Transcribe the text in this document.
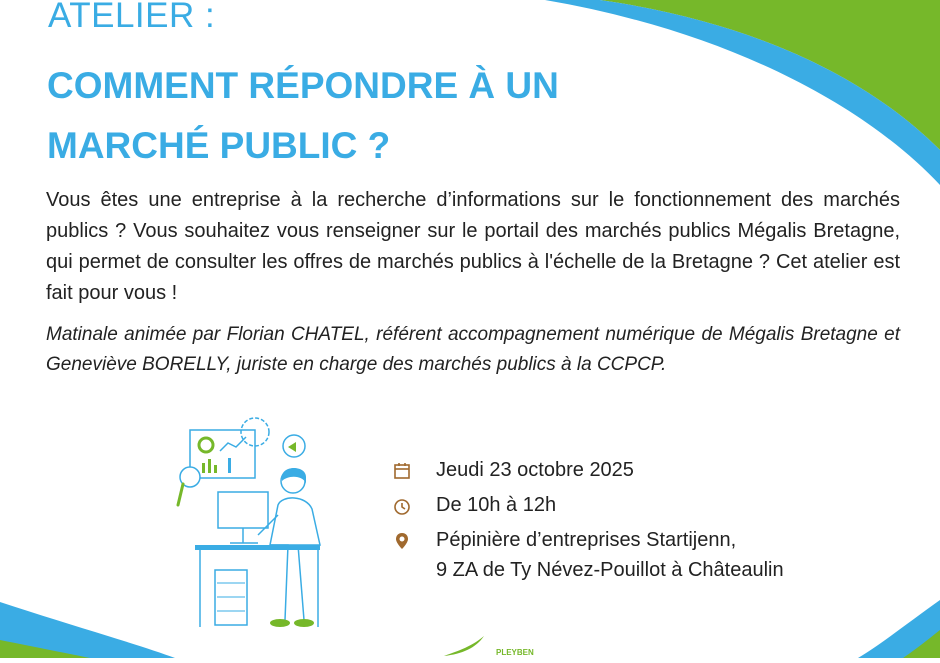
ATELIER :
COMMENT RÉPONDRE À UN
MARCHÉ PUBLIC ?
Vous êtes une entreprise à la recherche d’informations sur le fonctionnement des marchés publics ? Vous souhaitez vous renseigner sur le portail des marchés publics Mégalis Bretagne, qui permet de consulter les offres de marchés publics à l'échelle de la Bretagne ? Cet atelier est fait pour vous !
Matinale animée par Florian CHATEL, référent accompagnement numérique de Mégalis Bretagne et Geneviève BORELLY, juriste en charge des marchés publics à la CCPCP.
Jeudi 23 octobre 2025
De 10h à 12h
Pépinière d’entreprises Startijenn,
9 ZA de Ty Névez-Pouillot à Châteaulin
PLEYBEN
